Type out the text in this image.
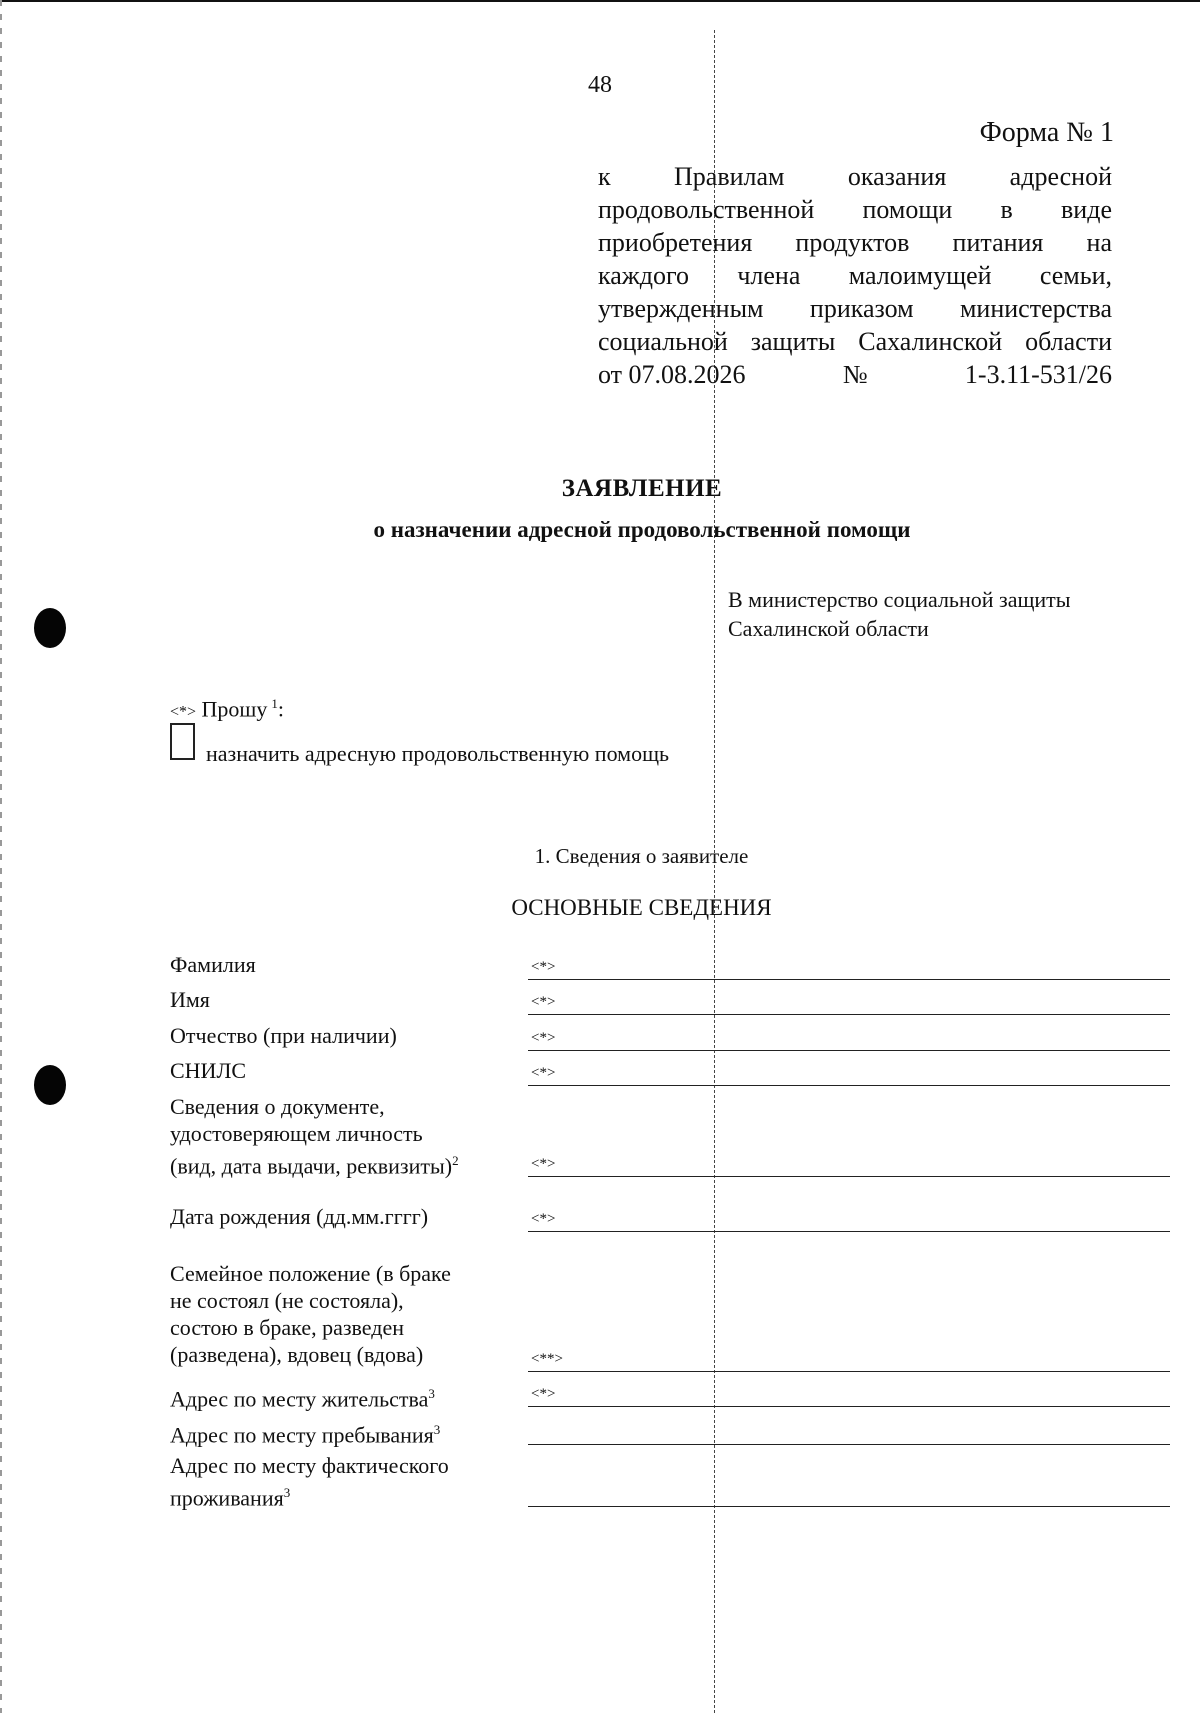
48
Форма № 1
к Правилам оказания адресной
продовольственной помощи в виде
приобретения продуктов питания на
каждого члена малоимущей семьи,
утвержденным приказом министерства
социальной защиты Сахалинской области
от 07.08.2026	№	1-3.11-531/26
ЗАЯВЛЕНИЕ
о назначении адресной продовольственной помощи
В министерство социальной защиты
Сахалинской области
<*> Прошу $^1$:
назначить адресную продовольственную помощь
1. Сведения о заявителе
ОСНОВНЫЕ СВЕДЕНИЯ
Фамилия	<*>
Имя	<*>
Отчество (при наличии)	<*>
СНИЛС	<*>
Сведения о документе,
удостоверяющем личность
(вид, дата выдачи, реквизиты)$^2$	<*>
Дата рождения (дд.мм.гггг)	<*>
Семейное положение (в браке
не состоял (не состояла),
состою в браке, разведен
(разведена), вдовец (вдова)	<**>
Адрес по месту жительства$^3$	<*>
Адрес по месту пребывания$^3$
Адрес по месту фактического
проживания$^3$
